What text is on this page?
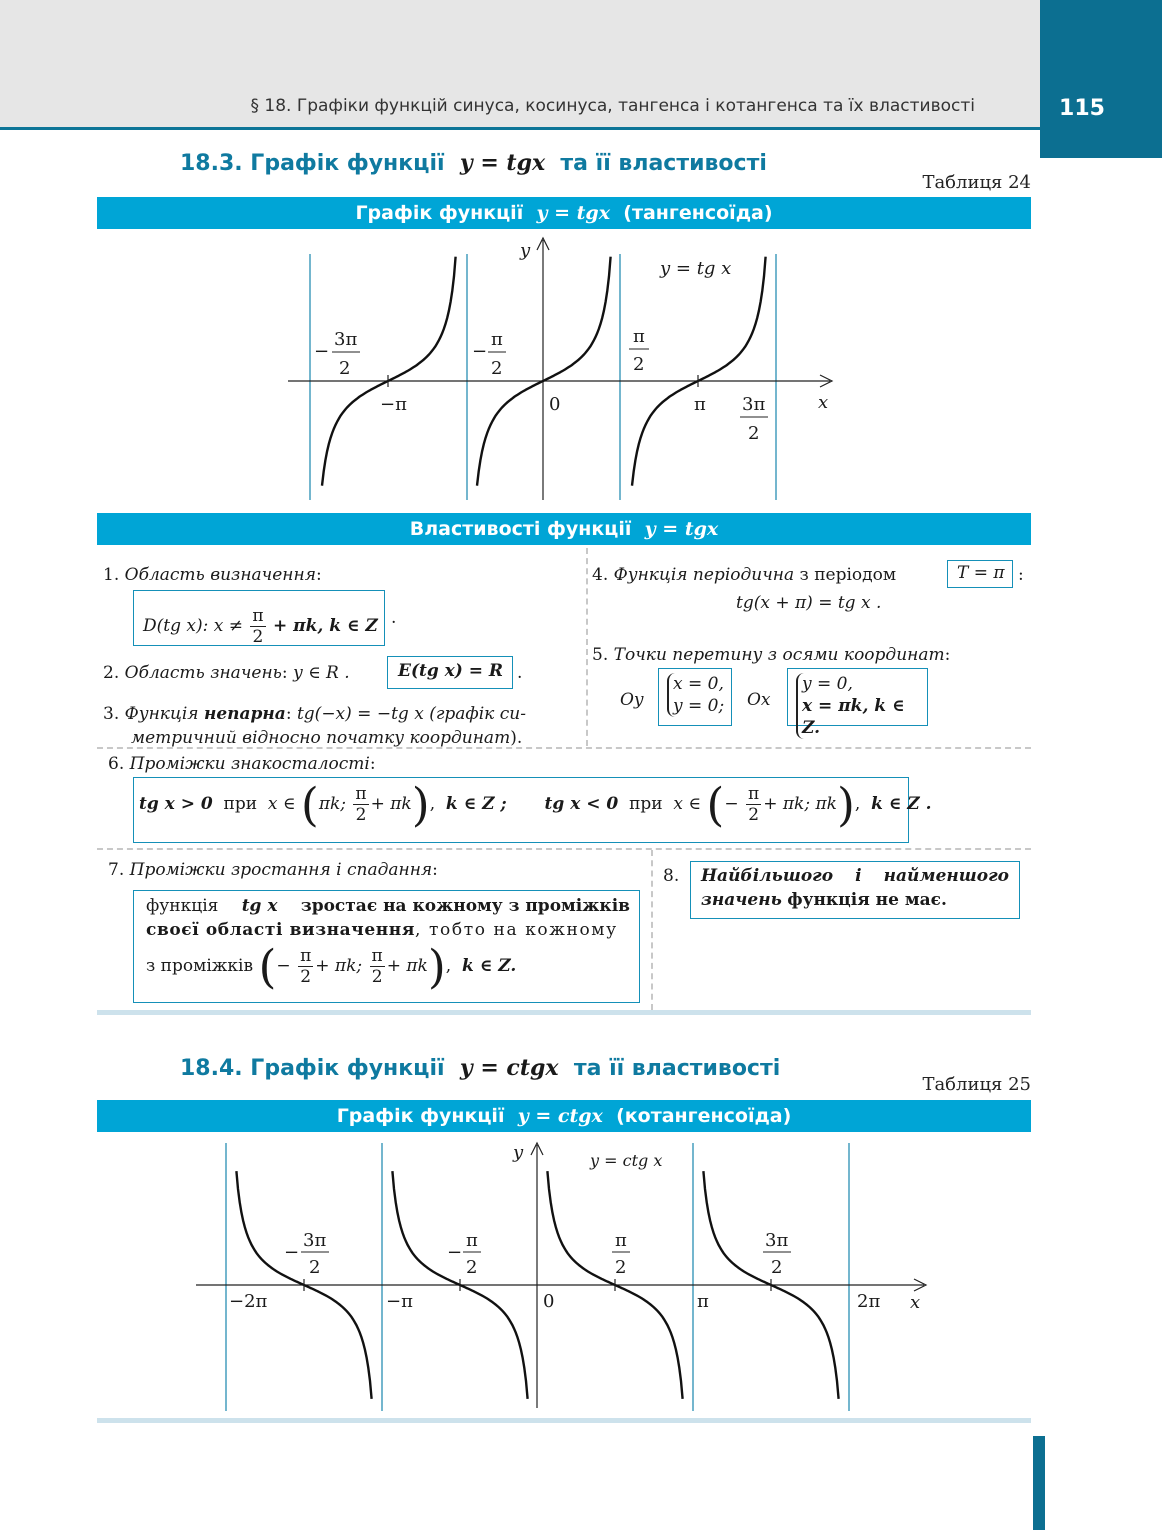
§ 18. Графіки функцій синуса, косинуса, тангенса і котангенса та їх властивості	115
18.3. Графік функції y = tgx та її властивості
Таблиця 24
Графік функції y = tgx (тангенсоїда)
y
x
y = tg x
−
3π
2
−
π
2
π
2
3π
2
−π	0	π
Властивості функції y = tgx
1. Область визначення:
D(tg x): $x \ne \frac{\pi}{2} + \pi k$, k ∈ Z .
2. Область значень: y ∈ R .	E(tg x) = R .
3. Функція непарна: tg(−x) = −tg x (графік си-
метричний відносно початку координат).
4. Функція періодична з періодом	T = π :
tg(x + π) = tg x .
5. Точки перетину з осями координат:
Oy
x = 0,
y = 0; Ox
y = 0,
x = πk, k ∈ Z.
6. Проміжки знакосталості:
tg x > 0 при x ∈ (πk; $\frac{\pi}{2} + \pi k$), k ∈ Z ; tg x < 0 при x ∈ (− $\frac{\pi}{2} + \pi k$; πk), k ∈ Z .
7. Проміжки зростання і спадання:
функція tg x зростає на кожному з проміжків
своєї області визначення, тобто на кожному
з проміжків (− $\frac{\pi}{2} + \pi k$; $\frac{\pi}{2} + \pi k$), k ∈ Z.
8. Найбільшого і найменшого
значень функція не має.
18.4. Графік функції y = ctgx та її властивості
Таблиця 25
Графік функції y = ctgx (котангенсоїда)
y
x
y = ctg x
−
3π
2
−
π
2
π
2
3π
2
−2π	−π	0	π	2π
